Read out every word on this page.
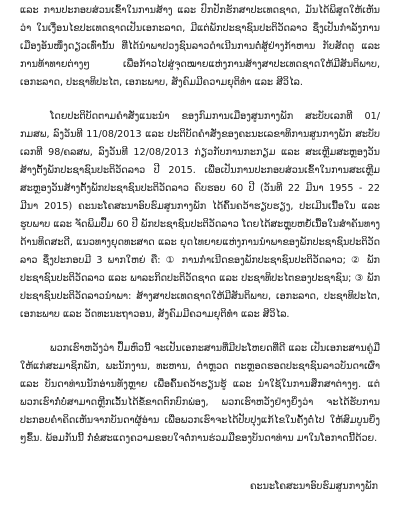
ແລະ ການປະກອບສ່ວນເຂົ້າໃນການສ້າງ ແລະ ປົກປັກຮັກສາປະເທດຊາດ, ມັນໄດ້ພິສູດໃຫ້ເຫັນວ່າ ໃນເງື່ອນໄຂປະເທດຊາດເປັນເອກະລາດ, ມີແຕ່ພັກປະຊາຊົນປະຕິວັດລາວ ຊຶ່ງເປັນກຳລັງການເມືອງອັນໜຶ່ງດຽວເທົ່ານັ້ນ ທີ່ໄດ້ນຳພາປວງຊົນລາວດຳເນີນການຕໍ່ສູ້ຢ່າງກ້າຫານ ກັບສັດຕູ ແລະ ການທ້າທາຍຕ່າງໆ ເພື່ອກ້າວໄປສູ່ຈຸດໝາຍແຫ່ງການສ້າງສາປະເທດຊາດໃຫ້ມີສັນຕິພາບ, ເອກະລາດ, ປະຊາທິປະໄຕ, ເອກະພາບ, ສັງຄົມມີຄວາມຍຸຕິທຳ ແລະ ສີວິໄລ.

ໂດຍປະຕິບັດຕາມຄຳສັ່ງແນະນຳ ຂອງກົມການເມືອງສູນກາງພັກ ສະບັບເລກທີ 01/ກມສພ, ລົງວັນທີ 11/08/2013 ແລະ ປະຕິບັດຄຳສັ່ງຂອງຄະນະເລຂາທິການສູນກາງພັກ ສະບັບເລກທີ 98/ຄລສພ, ລົງວັນທີ 12/08/2013 ກ່ຽວກັບການກະກຽມ ແລະ ສະເຫຼີມສະຫຼອງວັນສ້າງຕັ້ງພັກປະຊາຊົນປະຕິວັດລາວ ປີ 2015. ເພື່ອເປັນການປະກອບສ່ວນເຂົ້າໃນການສະເຫຼີມສະຫຼອງວັນສ້າງຕັ້ງພັກປະຊາຊົນປະຕິວັດລາວ ຄົບຮອບ 60 ປີ (ວັນທີ 22 ມີນາ 1955 - 22 ມີນາ 2015) ຄະນະໂຄສະນາອົບຮົມສູນກາງພັກ ໄດ້ຄົ້ນຄວ້າຮຽບຮຽງ, ປະເມີນເນື້ອໃນ ແລະ ຮູບພາບ ແລະ ຈັດພິມປຶ້ມ 60 ປີ ພັກປະຊາຊົນປະຕິວັດລາວ ໂດຍໄດ້ສະຫຼຸບຫຍໍ້ເນື້ອໃນສຳຄັນທາງດ້ານທິດສະດີ, ແນວທາງຍຸດທະສາດ ແລະ ຍຸດໄທຍາຍແຫ່ງການນຳພາຂອງພັກປະຊາຊົນປະຕິວັດລາວ ຊຶ່ງປະກອບມີ 3 ພາກໃຫຍ່ ຄື: ① ການກໍາເນີດຂອງພັກປະຊາຊົນປະຕິວັດລາວ; ② ພັກປະຊາຊົນປະຕິວັດລາວ ແລະ ພາລະກິດປະຕິວັດຊາດ ແລະ ປະຊາທິປະໄຕຂອງປະຊາຊົນ; ③ ພັກປະຊາຊົນປະຕິວັດລາວນຳພາ: ສ້າງສາປະເທດຊາດໃຫ້ມີສັນຕິພາບ, ເອກະລາດ, ປະຊາທິປະໄຕ, ເອກະພາບ ແລະ ວັດທະນະຖາວອນ, ສັງຄົມມີຄວາມຍຸຕິທຳ ແລະ ສີວິໄລ.

ພວກເຮົາຫວັງວ່າ ປຶ້ມຫົວນີ້ ຈະເປັນເອກະສານທີ່ມີປະໂຫຍດທີ່ດີ ແລະ ເປັນເອກະສານຄູ່ມືໃຫ້ແກ່ສະມາຊິກພັກ, ພະນັກງານ, ທະຫານ, ຕຳຫຼວດ ຕະຫຼອດຮອດປະຊາຊົນລາວບັນດາເຜົ່າ ແລະ ບັນດາທ່ານນັກອ່ານທັງຫຼາຍ ເພື່ອຄົ້ນຄວ້າຮຽນຮູ້ ແລະ ນຳໃຊ້ໃນການສຶກສາຕ່າງໆ. ແຕ່ພວກເຮົາກໍ່ບໍ່ສາມາດຫຼີກເວັ້ນໄດ້ຂໍ້ຂາດຕົກບົກພ່ອງ, ພວກເຮົາຫວັງຢ່າງຍິ່ງວ່າ ຈະໄດ້ຮັບການປະກອບຄຳຄິດເຫັນຈາກບັນດາຜູ້ອ່ານ ເພື່ອພວກເຮົາຈະໄດ້ປັບປຸງແກ້ໄຂໃນຄັ້ງຕໍ່ໄປ ໃຫ້ສົມບູນຍິ່ງໆຂຶ້ນ. ພ້ອມກັນນີ້ ກໍ່ຂໍສະແດງຄວາມຂອບໃຈຕໍ່ການຮ່ວມມືຂອງບັນດາທ່ານ ມາໃນໂອກາດນີ້ດ້ວຍ.

ຄະນະໂຄສະນາອົບຮົມສູນກາງພັກ
